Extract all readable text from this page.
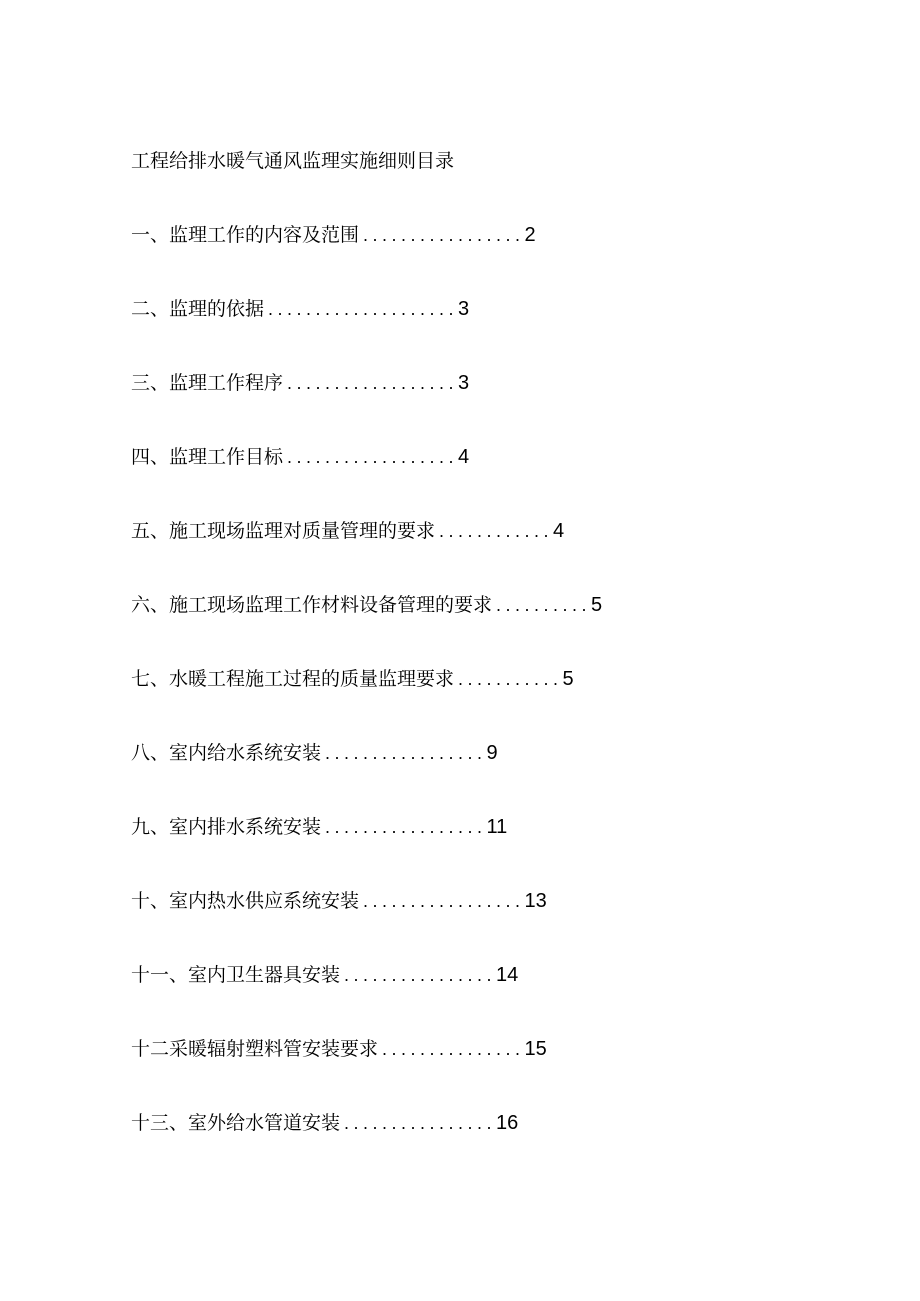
工程给排水暖气通风监理实施细则目录
一、监理工作的内容及范围 ................. 2
二、监理的依据 .................... 3
三、监理工作程序 .................. 3
四、监理工作目标 .................. 4
五、施工现场监理对质量管理的要求 ............ 4
六、施工现场监理工作材料设备管理的要求 .......... 5
七、水暖工程施工过程的质量监理要求 ........... 5
八、室内给水系统安装 ................. 9
九、室内排水系统安装 ................. 11
十、室内热水供应系统安装 ................. 13
十一、室内卫生器具安装 ................ 14
十二采暖辐射塑料管安装要求 ............... 15
十三、室外给水管道安装 ................ 16
